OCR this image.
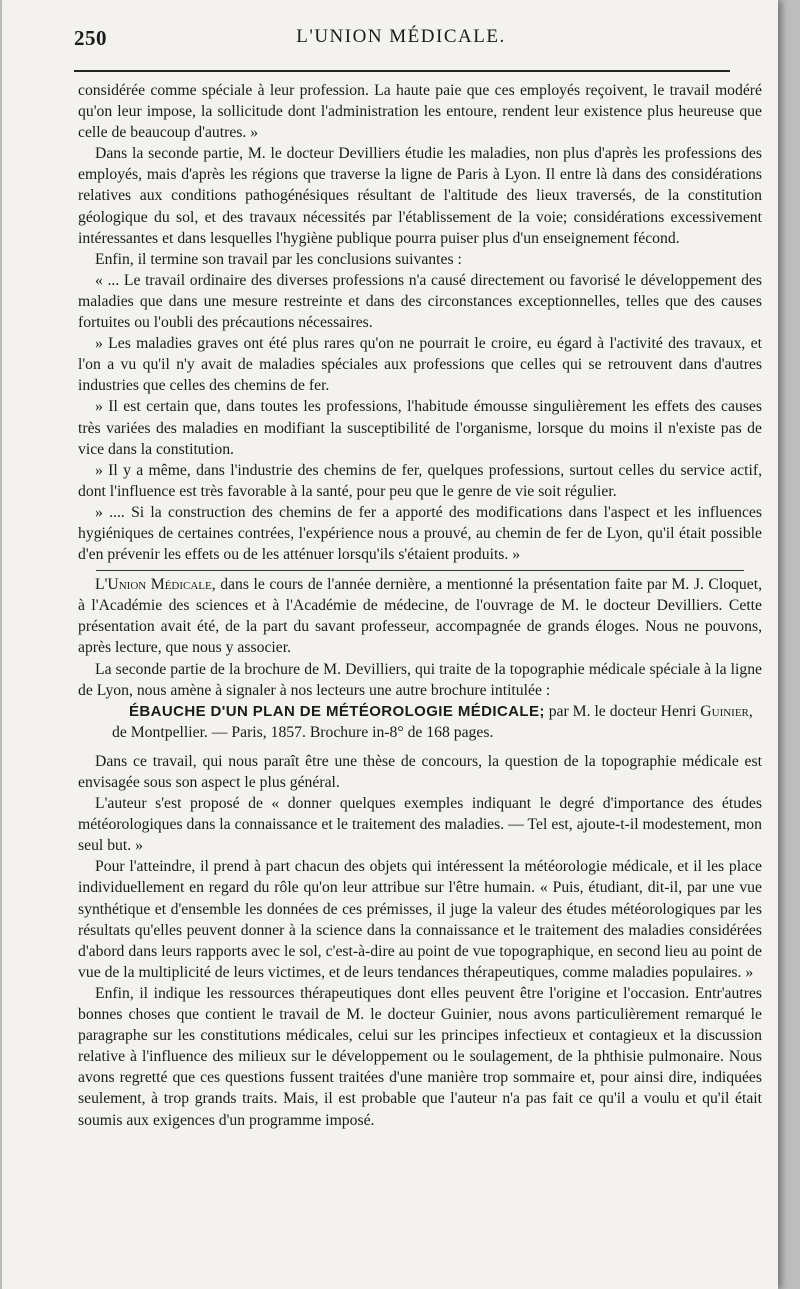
250	L'UNION MÉDICALE.

considérée comme spéciale à leur profession. La haute paie que ces employés reçoivent, le travail modéré qu'on leur impose, la sollicitude dont l'administration les entoure, rendent leur existence plus heureuse que celle de beaucoup d'autres. »

Dans la seconde partie, M. le docteur Devilliers étudie les maladies, non plus d'après les professions des employés, mais d'après les régions que traverse la ligne de Paris à Lyon. Il entre là dans des considérations relatives aux conditions pathogénésiques résultant de l'altitude des lieux traversés, de la constitution géologique du sol, et des travaux nécessités par l'établissement de la voie; considérations excessivement intéressantes et dans lesquelles l'hygiène publique pourra puiser plus d'un enseignement fécond.

Enfin, il termine son travail par les conclusions suivantes :

« ... Le travail ordinaire des diverses professions n'a causé directement ou favorisé le développement des maladies que dans une mesure restreinte et dans des circonstances exceptionnelles, telles que des causes fortuites ou l'oubli des précautions nécessaires.

» Les maladies graves ont été plus rares qu'on ne pourrait le croire, eu égard à l'activité des travaux, et l'on a vu qu'il n'y avait de maladies spéciales aux professions que celles qui se retrouvent dans d'autres industries que celles des chemins de fer.

» Il est certain que, dans toutes les professions, l'habitude émousse singulièrement les effets des causes très variées des maladies en modifiant la susceptibilité de l'organisme, lorsque du moins il n'existe pas de vice dans la constitution.

» Il y a même, dans l'industrie des chemins de fer, quelques professions, surtout celles du service actif, dont l'influence est très favorable à la santé, pour peu que le genre de vie soit régulier.

» .... Si la construction des chemins de fer a apporté des modifications dans l'aspect et les influences hygiéniques de certaines contrées, l'expérience nous a prouvé, au chemin de fer de Lyon, qu'il était possible d'en prévenir les effets ou de les atténuer lorsqu'ils s'étaient produits. »

L'Union Médicale, dans le cours de l'année dernière, a mentionné la présentation faite par M. J. Cloquet, à l'Académie des sciences et à l'Académie de médecine, de l'ouvrage de M. le docteur Devilliers. Cette présentation avait été, de la part du savant professeur, accompagnée de grands éloges. Nous ne pouvons, après lecture, que nous y associer.

La seconde partie de la brochure de M. Devilliers, qui traite de la topographie médicale spéciale à la ligne de Lyon, nous amène à signaler à nos lecteurs une autre brochure intitulée :

ÉBAUCHE D'UN PLAN DE MÉTÉOROLOGIE MÉDICALE; par M. le docteur Henri Guinier, de Montpellier. — Paris, 1857. Brochure in-8° de 168 pages.

Dans ce travail, qui nous paraît être une thèse de concours, la question de la topographie médicale est envisagée sous son aspect le plus général.

L'auteur s'est proposé de « donner quelques exemples indiquant le degré d'importance des études météorologiques dans la connaissance et le traitement des maladies. — Tel est, ajoute-t-il modestement, mon seul but. »

Pour l'atteindre, il prend à part chacun des objets qui intéressent la météorologie médicale, et il les place individuellement en regard du rôle qu'on leur attribue sur l'être humain. « Puis, étudiant, dit-il, par une vue synthétique et d'ensemble les données de ces prémisses, il juge la valeur des études météorologiques par les résultats qu'elles peuvent donner à la science dans la connaissance et le traitement des maladies considérées d'abord dans leurs rapports avec le sol, c'est-à-dire au point de vue topographique, en second lieu au point de vue de la multiplicité de leurs victimes, et de leurs tendances thérapeutiques, comme maladies populaires. »

Enfin, il indique les ressources thérapeutiques dont elles peuvent être l'origine et l'occasion. Entr'autres bonnes choses que contient le travail de M. le docteur Guinier, nous avons particulièrement remarqué le paragraphe sur les constitutions médicales, celui sur les principes infectieux et contagieux et la discussion relative à l'influence des milieux sur le développement ou le soulagement, de la phthisie pulmonaire. Nous avons regretté que ces questions fussent traitées d'une manière trop sommaire et, pour ainsi dire, indiquées seulement, à trop grands traits. Mais, il est probable que l'auteur n'a pas fait ce qu'il a voulu et qu'il était soumis aux exigences d'un programme imposé.
